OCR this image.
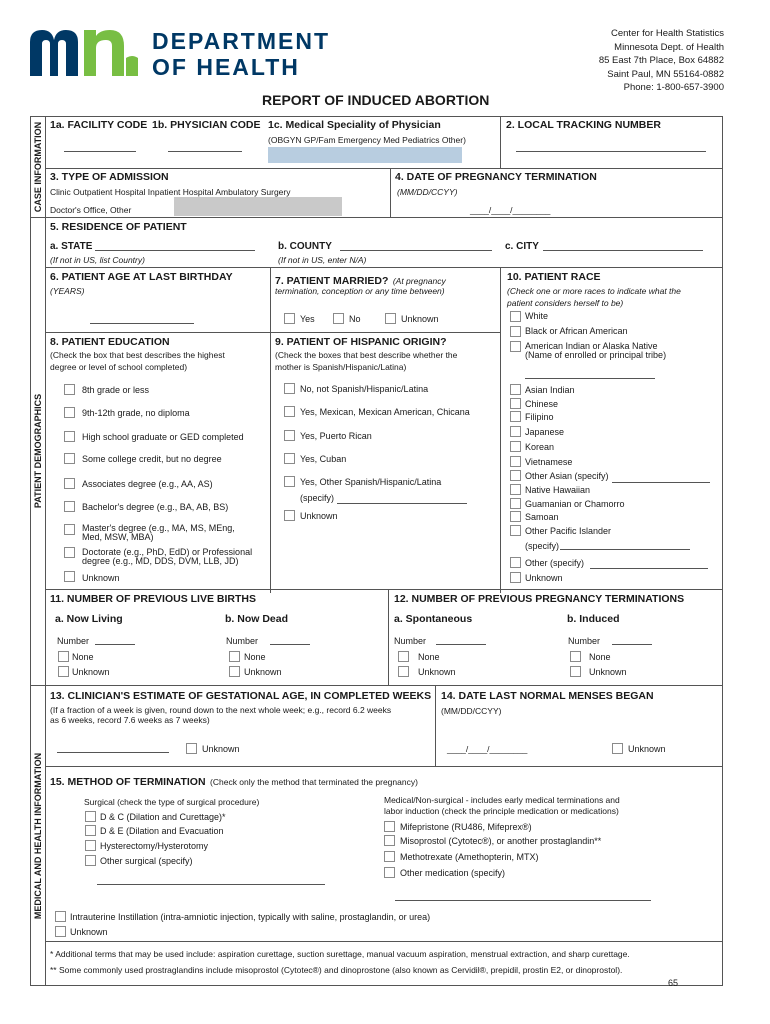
DEPARTMENT
OF HEALTH
Center for Health Statistics
Minnesota Dept. of Health
85 East 7th Place, Box 64882
Saint Paul, MN 55164-0882
Phone: 1-800-657-3900
REPORT OF INDUCED ABORTION
CASE INFORMATION
PATIENT DEMOGRAPHICS
MEDICAL AND HEALTH INFORMATION
1a. FACILITY CODE 1b. PHYSICIAN CODE 1c. Medical Speciality of Physician
(OBGYN GP/Fam Emergency Med Pediatrics Other)
2. LOCAL TRACKING NUMBER
3. TYPE OF ADMISSION
Clinic Outpatient Hospital Inpatient Hospital Ambulatory Surgery
Doctor's Office, Other
4. DATE OF PREGNANCY TERMINATION
(MM/DD/CCYY)
____/____/________
5. RESIDENCE OF PATIENT
a. STATE
(If not in US, list Country)
b. COUNTY
(If not in US, enter N/A)
c. CITY
6. PATIENT AGE AT LAST BIRTHDAY
(YEARS)
7. PATIENT MARRIED? (At pregnancy
termination, conception or any time between)
Yes	No	Unknown
10. PATIENT RACE
(Check one or more races to indicate what the
patient considers herself to be)
White
Black or African American
American Indian or Alaska Native
(Name of enrolled or principal tribe)
Asian Indian
Chinese
Filipino
Japanese
Korean
Vietnamese
Other Asian (specify)
Native Hawaiian
Guamanian or Chamorro
Samoan
Other Pacific Islander
(specify)
Other (specify)
Unknown
8. PATIENT EDUCATION
(Check the box that best describes the highest
degree or level of school completed)
8th grade or less
9th-12th grade, no diploma
High school graduate or GED completed
Some college credit, but no degree
Associates degree (e.g., AA, AS)
Bachelor's degree (e.g., BA, AB, BS)
Master's degree (e.g., MA, MS, MEng,
Med, MSW, MBA)
Doctorate (e.g., PhD, EdD) or Professional
degree (e.g., MD, DDS, DVM, LLB, JD)
Unknown
9. PATIENT OF HISPANIC ORIGIN?
(Check the boxes that best describe whether the
mother is Spanish/Hispanic/Latina)
No, not Spanish/Hispanic/Latina
Yes, Mexican, Mexican American, Chicana
Yes, Puerto Rican
Yes, Cuban
Yes, Other Spanish/Hispanic/Latina
(specify)
Unknown
11. NUMBER OF PREVIOUS LIVE BIRTHS
a. Now Living
Number
None
Unknown
b. Now Dead
Number
None
Unknown
12. NUMBER OF PREVIOUS PREGNANCY TERMINATIONS
a. Spontaneous
Number
None
Unknown
b. Induced
Number
None
Unknown
13. CLINICIAN'S ESTIMATE OF GESTATIONAL AGE, IN COMPLETED WEEKS
(If a fraction of a week is given, round down to the next whole week; e.g., record 6.2 weeks
as 6 weeks, record 7.6 weeks as 7 weeks)
Unknown
14. DATE LAST NORMAL MENSES BEGAN
(MM/DD/CCYY)
____/____/________	Unknown
15. METHOD OF TERMINATION (Check only the method that terminated the pregnancy)
Surgical (check the type of surgical procedure)
D & C (Dilation and Curettage)*
D & E (Dilation and Evacuation
Hysterectomy/Hysterotomy
Other surgical (specify)
Medical/Non-surgical - includes early medical terminations and
labor induction (check the principle medication or medications)
Mifepristone (RU486, Mifeprex®)
Misoprostol (Cytotec®), or another prostaglandin**
Methotrexate (Amethopterin, MTX)
Other medication (specify)
Intrauterine Instillation (intra-amniotic injection, typically with saline, prostaglandin, or urea)
Unknown
* Additional terms that may be used include: aspiration curettage, suction surettage, manual vacuum aspiration, menstrual extraction, and sharp curettage.
** Some commonly used prostraglandins include misoprostol (Cytotec®) and dinoprostone (also known as Cervidil®, prepidil, prostin E2, or dinoprostol).
65
